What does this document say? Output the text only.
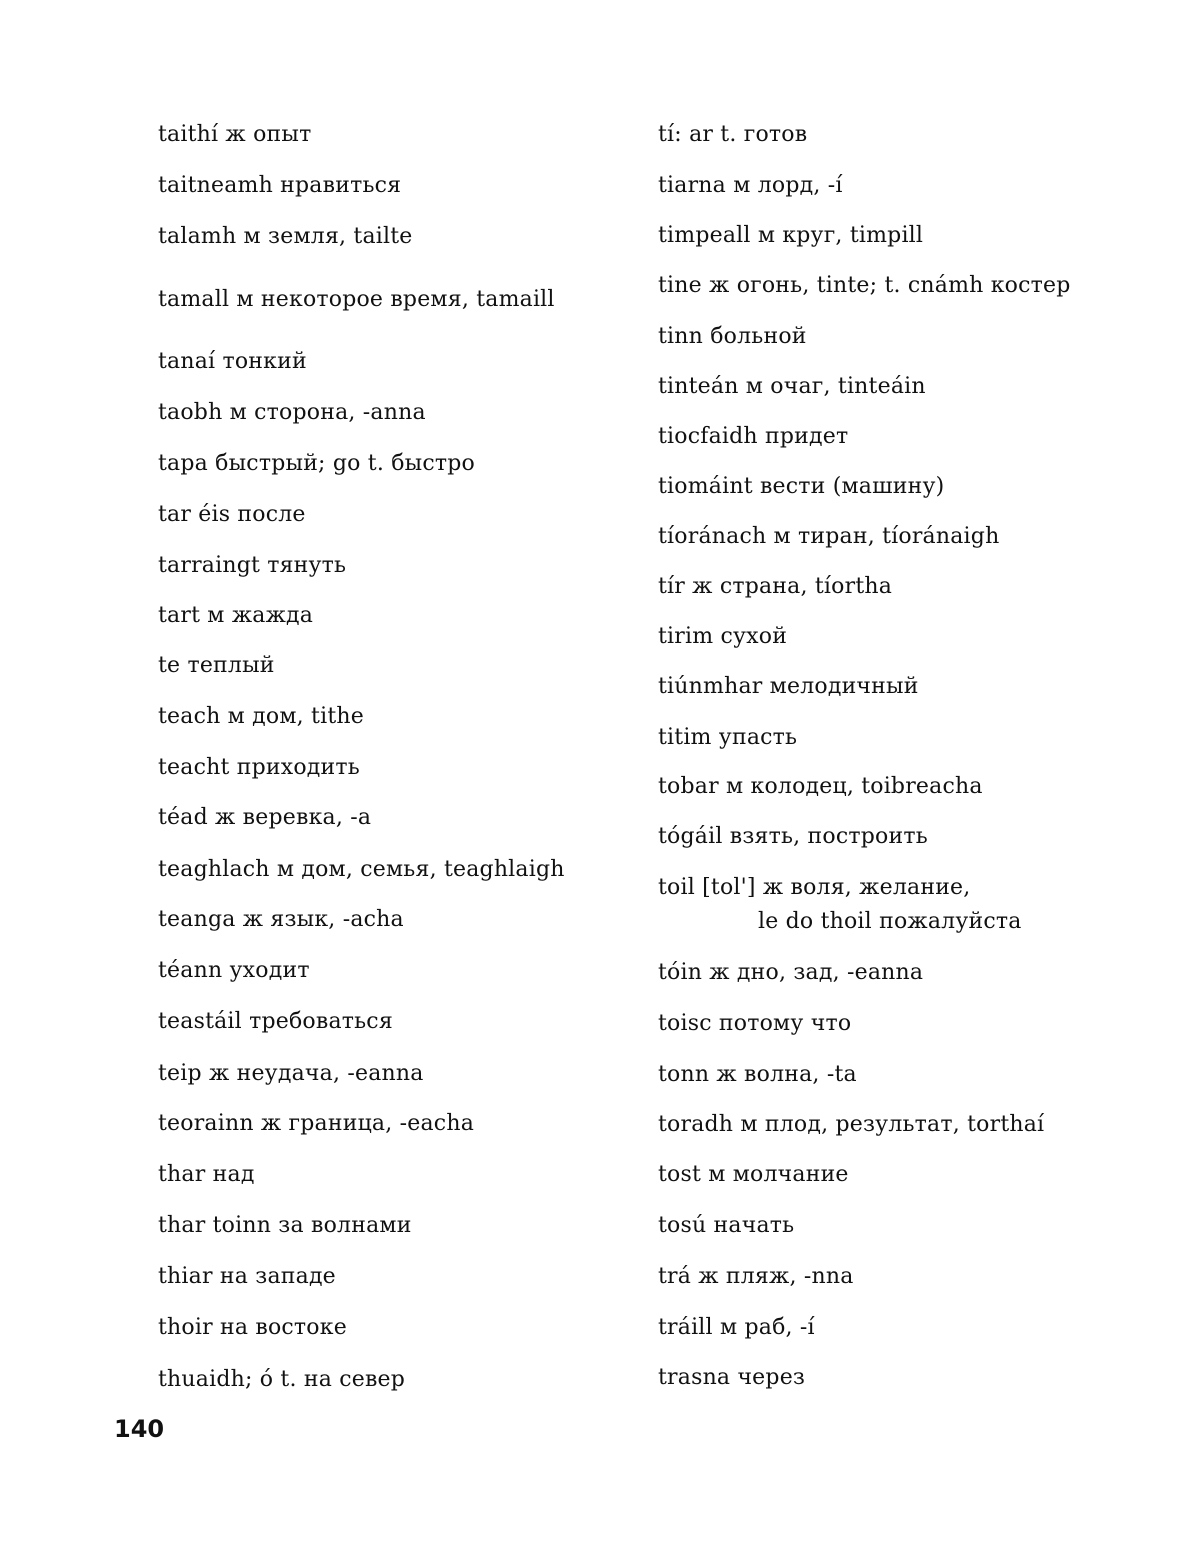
taithí ж опыт
taitneamh нравиться
talamh м земля, tailte
tamall м некоторое время, tamaill
tanaí тонкий
taobh м сторона, -anna
tapa быстрый; go t. быстро
tar éis после
tarraingt тянуть
tart м жажда
te теплый
teach м дом, tithe
teacht приходить
téad ж веревка, -a
teaghlach м дом, семья, teaghlaigh
teanga ж язык, -acha
téann уходит
teastáil требоваться
teip ж неудача, -eanna
teorainn ж граница, -eacha
thar над
thar toinn за волнами
thiar на западе
thoir на востоке
thuaidh; ó t. на север
tí: ar t. готов
tiarna м лорд, -í
timpeall м круг, timpill
tine ж огонь, tinte; t. cnámh костер
tinn больной
tinteán м очаг, tinteáin
tiocfaidh придет
tiomáint вести (машину)
tíoránach м тиран, tíoránaigh
tír ж страна, tíortha
tirim сухой
tiúnmhar мелодичный
titim упасть
tobar м колодец, toibreacha
tógáil взять, построить
toil [tol'] ж воля, желание,
le do thoil пожалуйста
tóin ж дно, зад, -eanna
toisc потому что
tonn ж волна, -ta
toradh м плод, результат, torthaí
tost м молчание
tosú начать
trá ж пляж, -nna
tráill м раб, -í
trasna через
140
